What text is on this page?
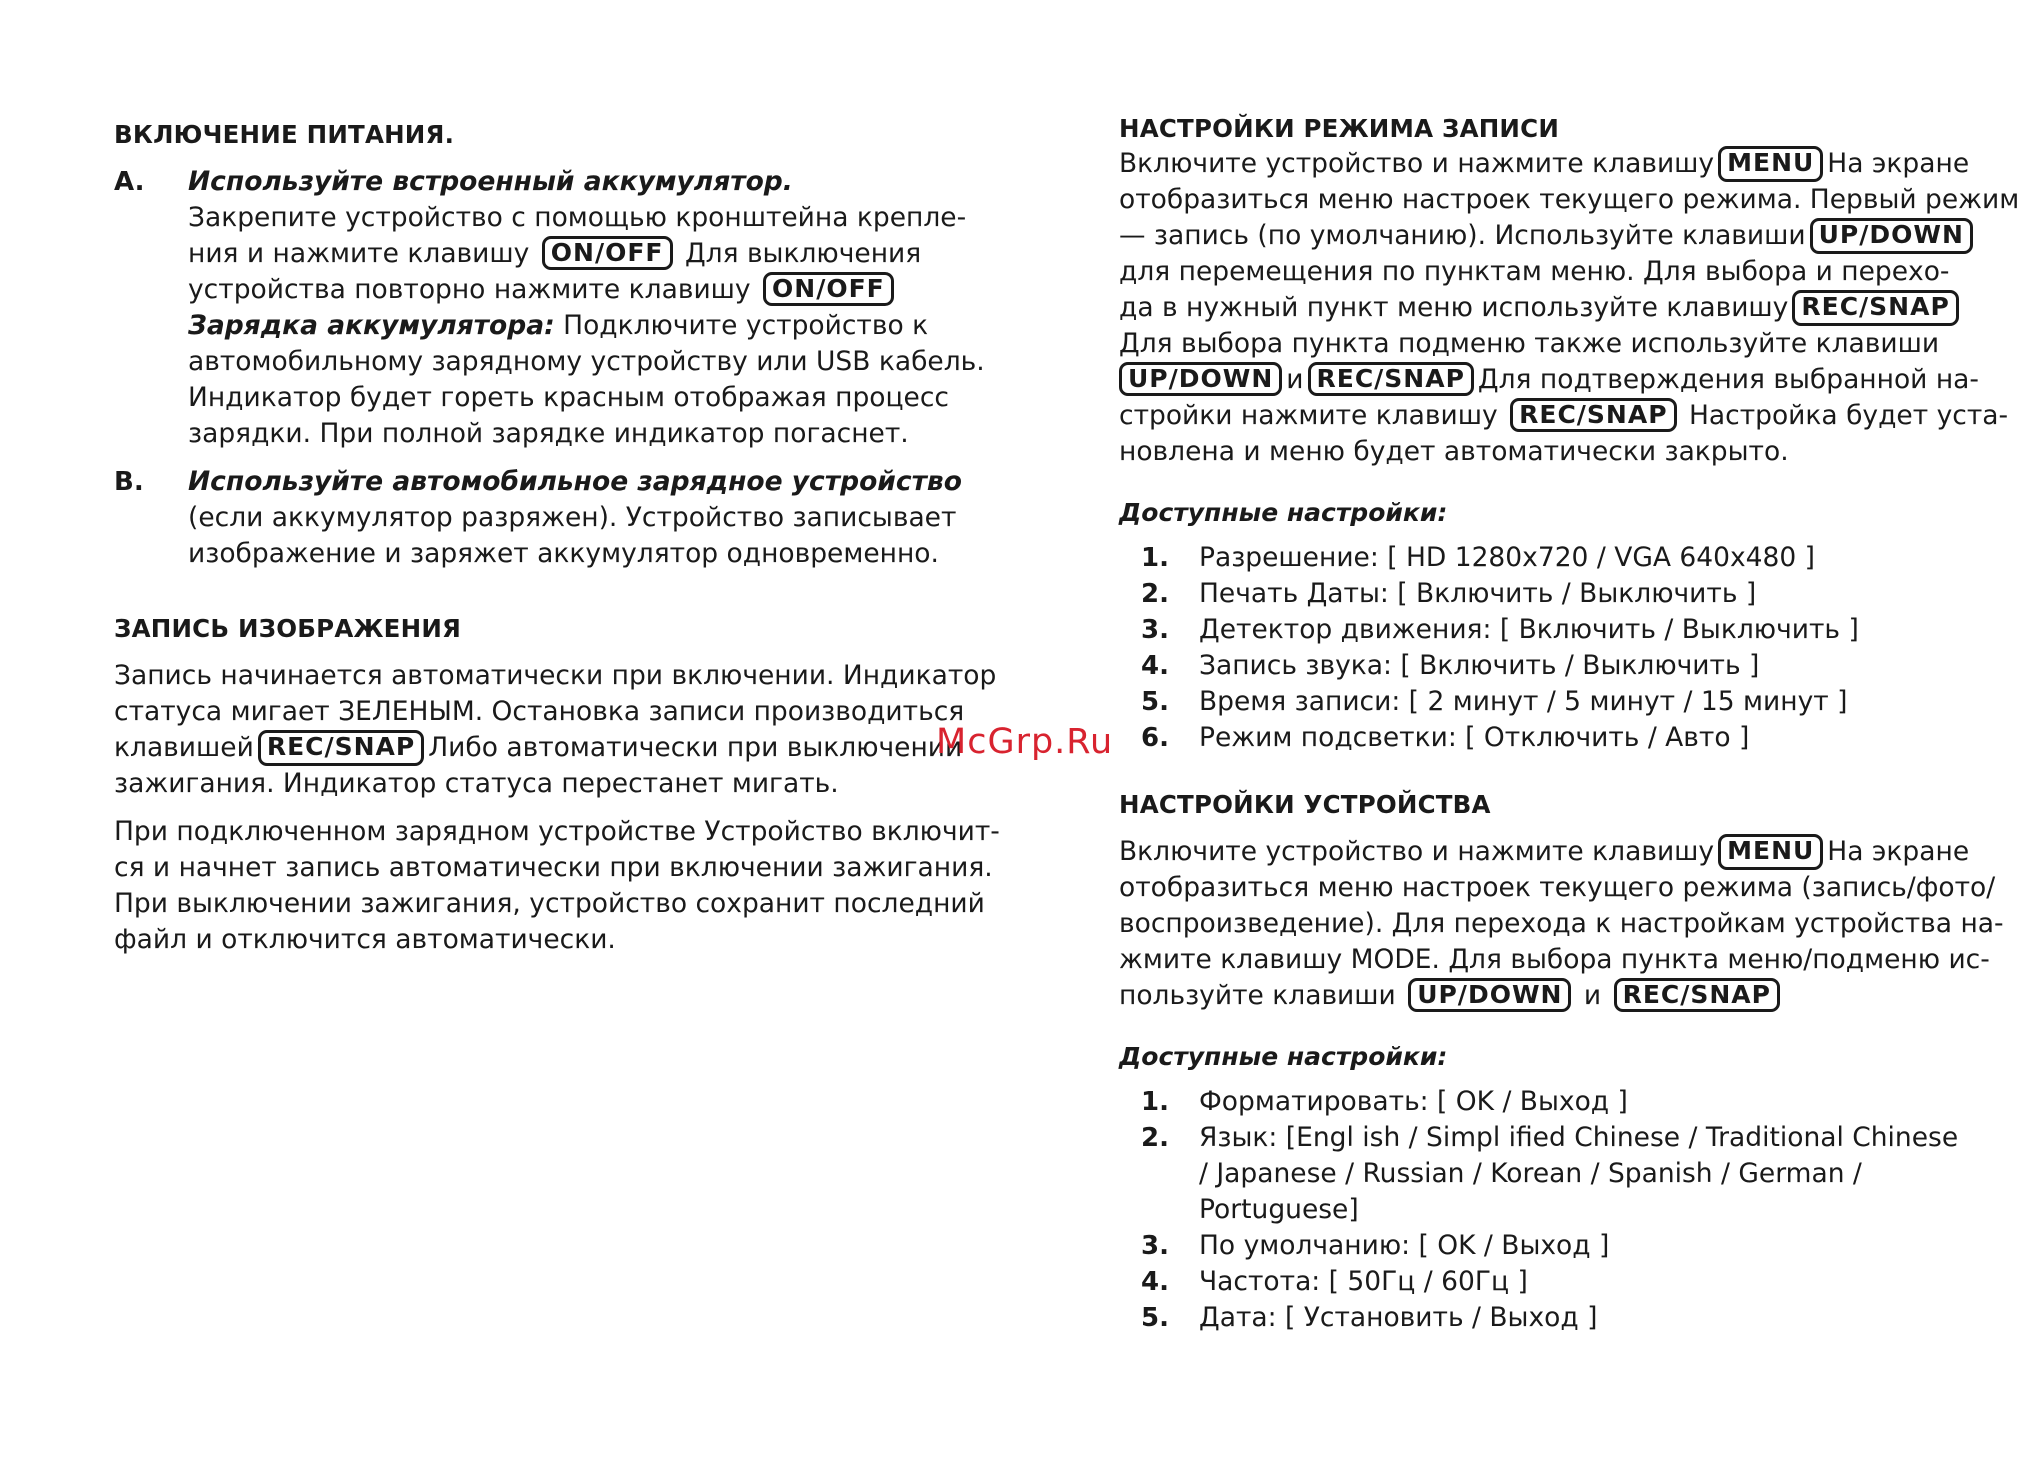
ВКЛЮЧЕНИЕ ПИТАНИЯ.
A. Используйте встроенный аккумулятор.
Закрепите устройство с помощью кронштейна крепле-
ния и нажмите клавишу ON/OFF Для выключения
устройства повторно нажмите клавишу ON/OFF
Зарядка аккумулятора: Подключите устройство к
автомобильному зарядному устройству или USB кабель.
Индикатор будет гореть красным отображая процесс
зарядки. При полной зарядке индикатор погаснет.
B. Используйте автомобильное зарядное устройство
(если аккумулятор разряжен). Устройство записывает
изображение и заряжет аккумулятор одновременно.
ЗАПИСЬ ИЗОБРАЖЕНИЯ
Запись начинается автоматически при включении. Индикатор
статуса мигает ЗЕЛЕНЫМ. Остановка записи производиться
клавишей REC/SNAP Либо автоматически при выключении
зажигания. Индикатор статуса перестанет мигать.
При подключенном зарядном устройстве Устройство включит-
ся и начнет запись автоматически при включении зажигания.
При выключении зажигания, устройство сохранит последний
файл и отключится автоматически.
McGrp.Ru
НАСТРОЙКИ РЕЖИМА ЗАПИСИ
Включите устройство и нажмите клавишу MENU На экране
отобразиться меню настроек текущего режима. Первый режим
— запись (по умолчанию). Используйте клавиши UP/DOWN
для перемещения по пунктам меню. Для выбора и перехо-
да в нужный пункт меню используйте клавишу REC/SNAP
Для выбора пункта подменю также используйте клавиши
UP/DOWN и REC/SNAP Для подтверждения выбранной на-
стройки нажмите клавишу REC/SNAP Настройка будет уста-
новлена и меню будет автоматически закрыто.
Доступные настройки:
1. Разрешение: [ HD 1280x720 / VGA 640x480 ]
2. Печать Даты: [ Включить / Выключить ]
3. Детектор движения: [ Включить / Выключить ]
4. Запись звука: [ Включить / Выключить ]
5. Время записи: [ 2 минут / 5 минут / 15 минут ]
6. Режим подсветки: [ Отключить / Авто ]
НАСТРОЙКИ УСТРОЙСТВА
Включите устройство и нажмите клавишу MENU На экране
отобразиться меню настроек текущего режима (запись/фото/
воспроизведение). Для перехода к настройкам устройства на-
жмите клавишу MODE. Для выбора пункта меню/подменю ис-
пользуйте клавиши UP/DOWN и REC/SNAP
Доступные настройки:
1. Форматировать: [ OK / Выход ]
2. Язык: [Engl ish / Simpl ified Chinese / Traditional Chinese
/ Japanese / Russian / Korean / Spanish / German /
Portuguese]
3. По умолчанию: [ OK / Выход ]
4. Частота: [ 50Гц / 60Гц ]
5. Дата: [ Установить / Выход ]
